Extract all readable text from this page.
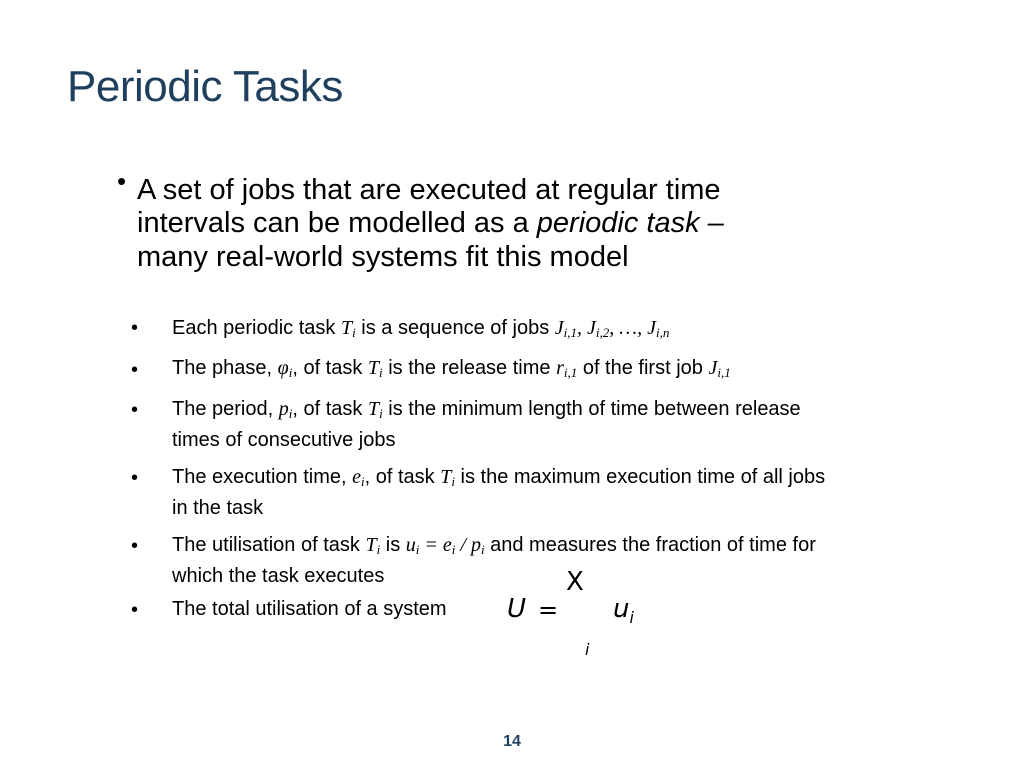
Periodic Tasks
• A set of jobs that are executed at regular time
intervals can be modelled as a periodic task –
many real-world systems fit this model
• Each periodic task $T_i$ is a sequence of jobs $J_{i,1}$, $J_{i,2}$, …, $J_{i,n}$
• The phase, $\varphi_i$, of task $T_i$ is the release time $r_{i,1}$ of the first job $J_{i,1}$
• The period, $p_i$, of task $T_i$ is the minimum length of time between release
times of consecutive jobs
• The execution time, $e_i$, of task $T_i$ is the maximum execution time of all jobs
in the task
• The utilisation of task $T_i$ is $u_i = e_i / p_i$ and measures the fraction of time for
which the task executes
• The total utilisation of a system	U =
X
$u_i$
i
14
